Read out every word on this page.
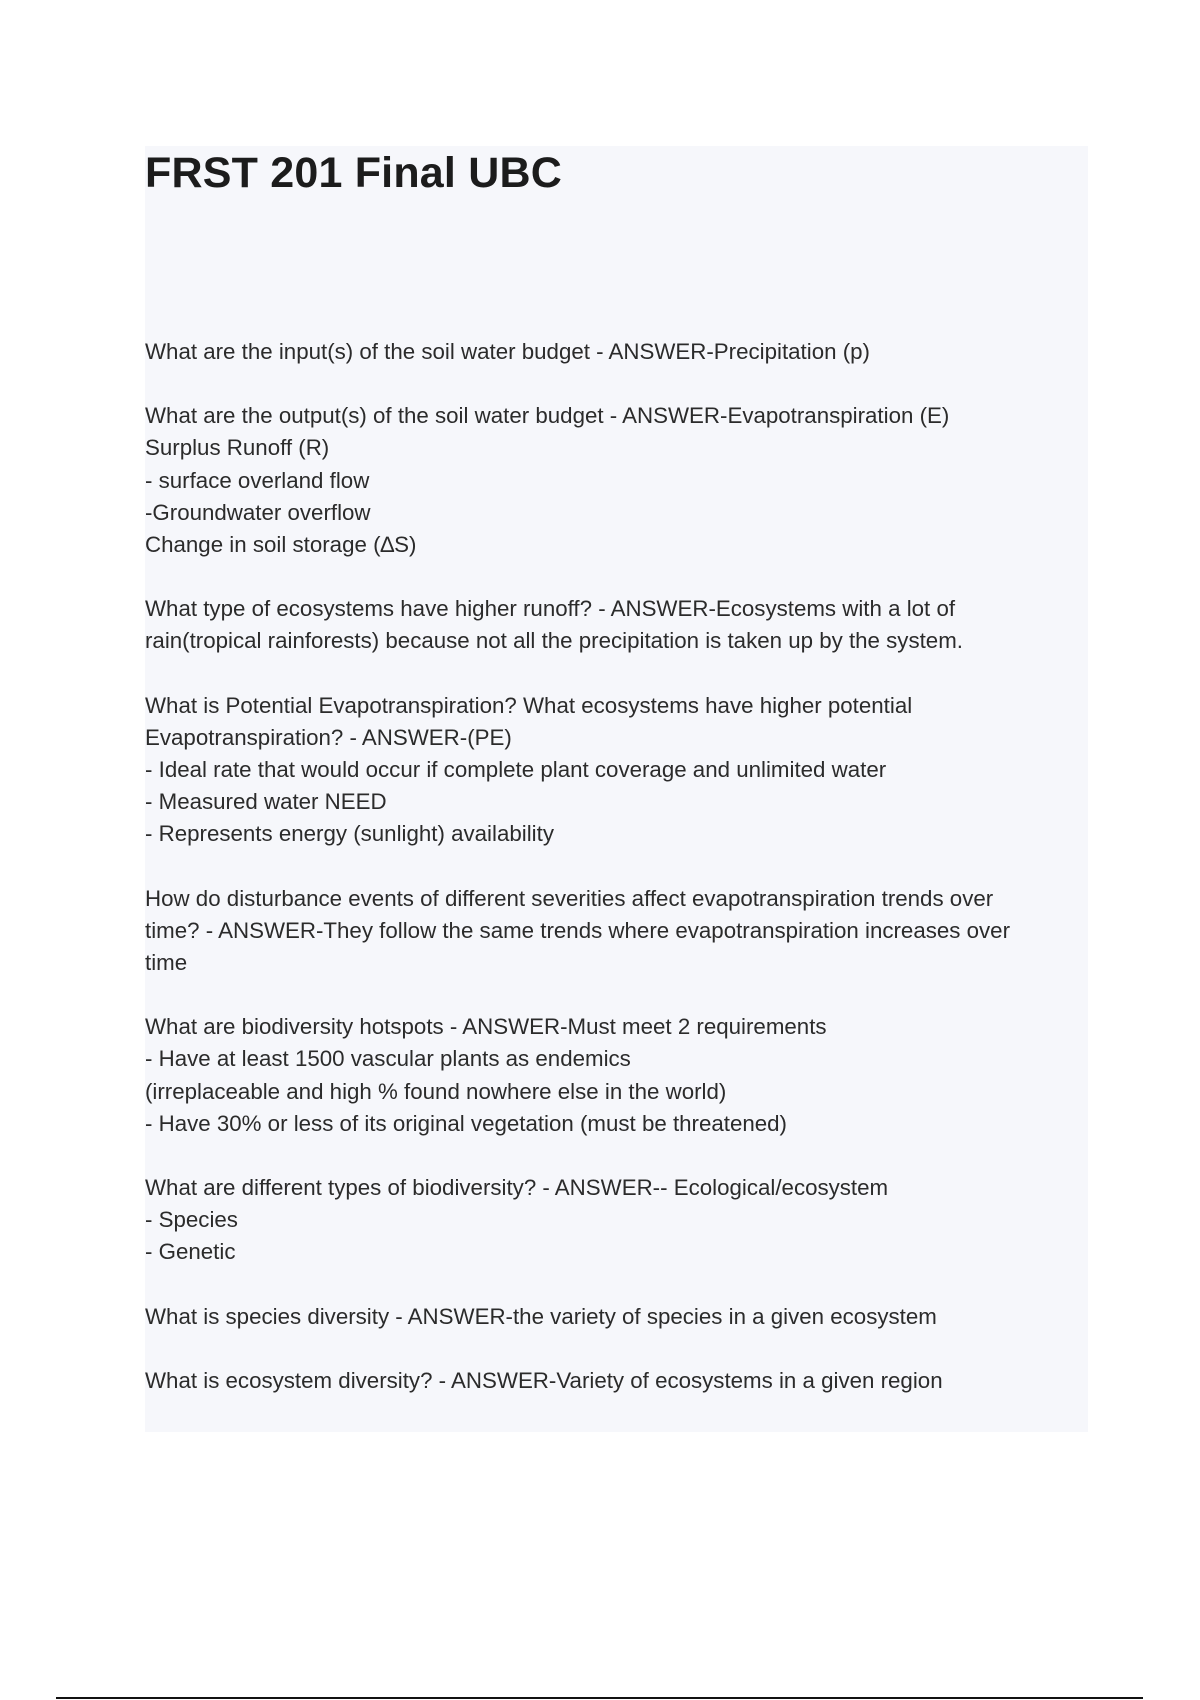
FRST 201 Final UBC
What are the input(s) of the soil water budget - ANSWER-Precipitation (p)
What are the output(s) of the soil water budget - ANSWER-Evapotranspiration (E)
Surplus Runoff (R)
- surface overland flow
-Groundwater overflow
Change in soil storage (∆S)
What type of ecosystems have higher runoff? - ANSWER-Ecosystems with a lot of
rain(tropical rainforests) because not all the precipitation is taken up by the system.
What is Potential Evapotranspiration? What ecosystems have higher potential
Evapotranspiration? - ANSWER-(PE)
- Ideal rate that would occur if complete plant coverage and unlimited water
- Measured water NEED
- Represents energy (sunlight) availability
How do disturbance events of different severities affect evapotranspiration trends over
time? - ANSWER-They follow the same trends where evapotranspiration increases over
time
What are biodiversity hotspots - ANSWER-Must meet 2 requirements
- Have at least 1500 vascular plants as endemics
(irreplaceable and high % found nowhere else in the world)
- Have 30% or less of its original vegetation (must be threatened)
What are different types of biodiversity? - ANSWER-- Ecological/ecosystem
- Species
- Genetic
What is species diversity - ANSWER-the variety of species in a given ecosystem
What is ecosystem diversity? - ANSWER-Variety of ecosystems in a given region
